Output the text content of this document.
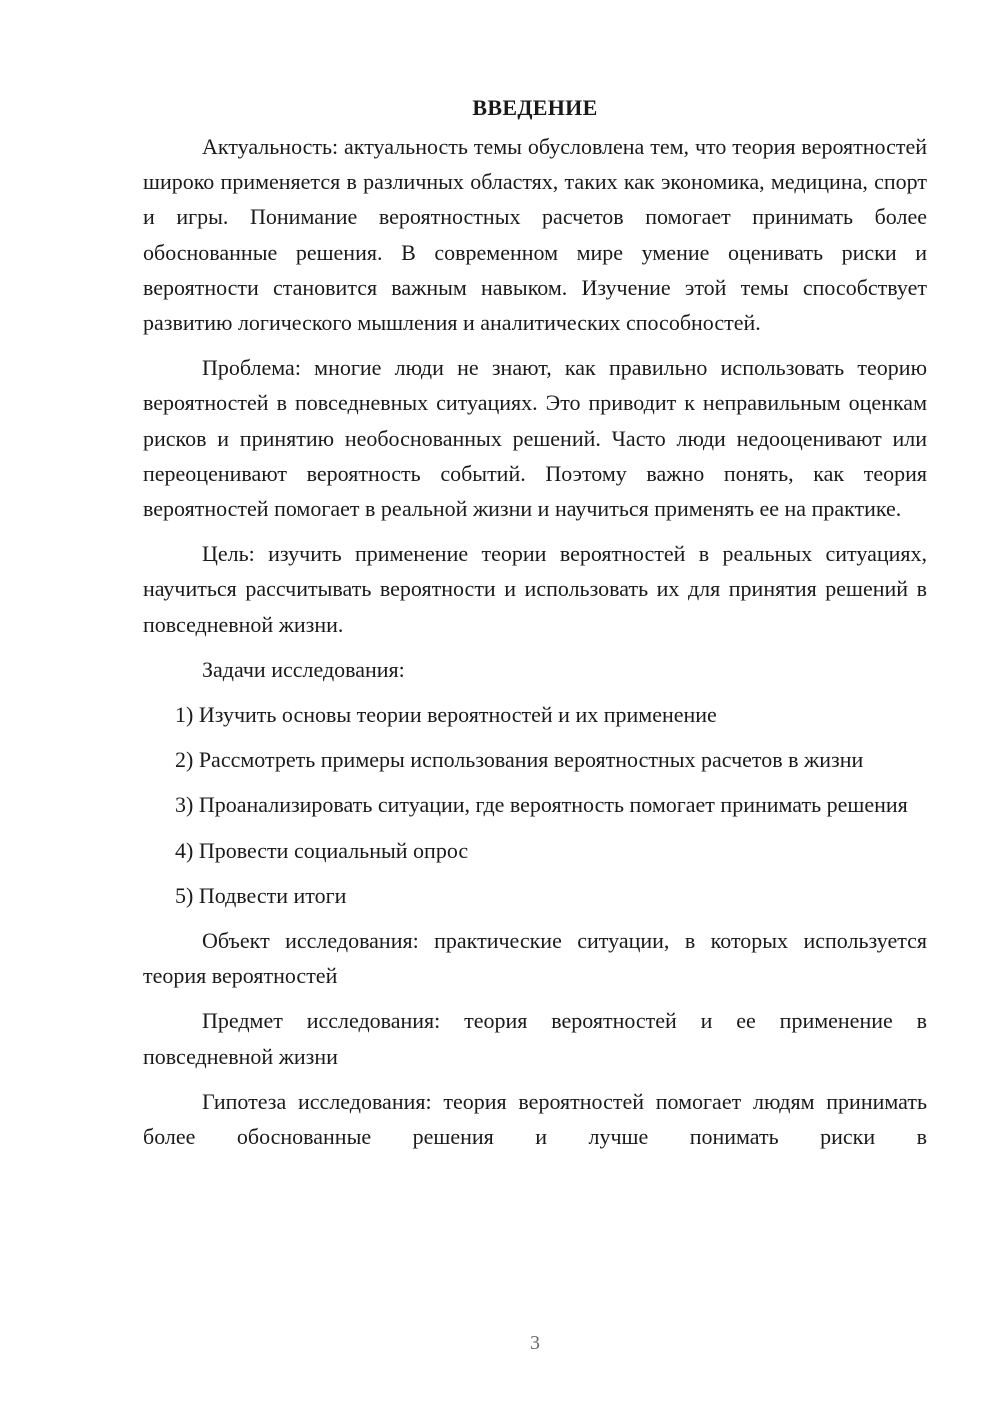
ВВЕДЕНИЕ

Актуальность: актуальность темы обусловлена тем, что теория вероятностей широко применяется в различных областях, таких как экономика, медицина, спорт и игры. Понимание вероятностных расчетов помогает принимать более обоснованные решения. В современном мире умение оценивать риски и вероятности становится важным навыком. Изучение этой темы способствует развитию логического мышления и аналитических способностей.

Проблема: многие люди не знают, как правильно использовать теорию вероятностей в повседневных ситуациях. Это приводит к неправильным оценкам рисков и принятию необоснованных решений. Часто люди недооценивают или переоценивают вероятность событий. Поэтому важно понять, как теория вероятностей помогает в реальной жизни и научиться применять ее на практике.

Цель: изучить применение теории вероятностей в реальных ситуациях, научиться рассчитывать вероятности и использовать их для принятия решений в повседневной жизни.

Задачи исследования:

1) Изучить основы теории вероятностей и их применение

2) Рассмотреть примеры использования вероятностных расчетов в жизни

3) Проанализировать ситуации, где вероятность помогает принимать решения

4) Провести социальный опрос

5) Подвести итоги

Объект исследования: практические ситуации, в которых используется теория вероятностей

Предмет исследования: теория вероятностей и ее применение в повседневной жизни

Гипотеза исследования: теория вероятностей помогает людям принимать более обоснованные решения и лучше понимать риски в

3
